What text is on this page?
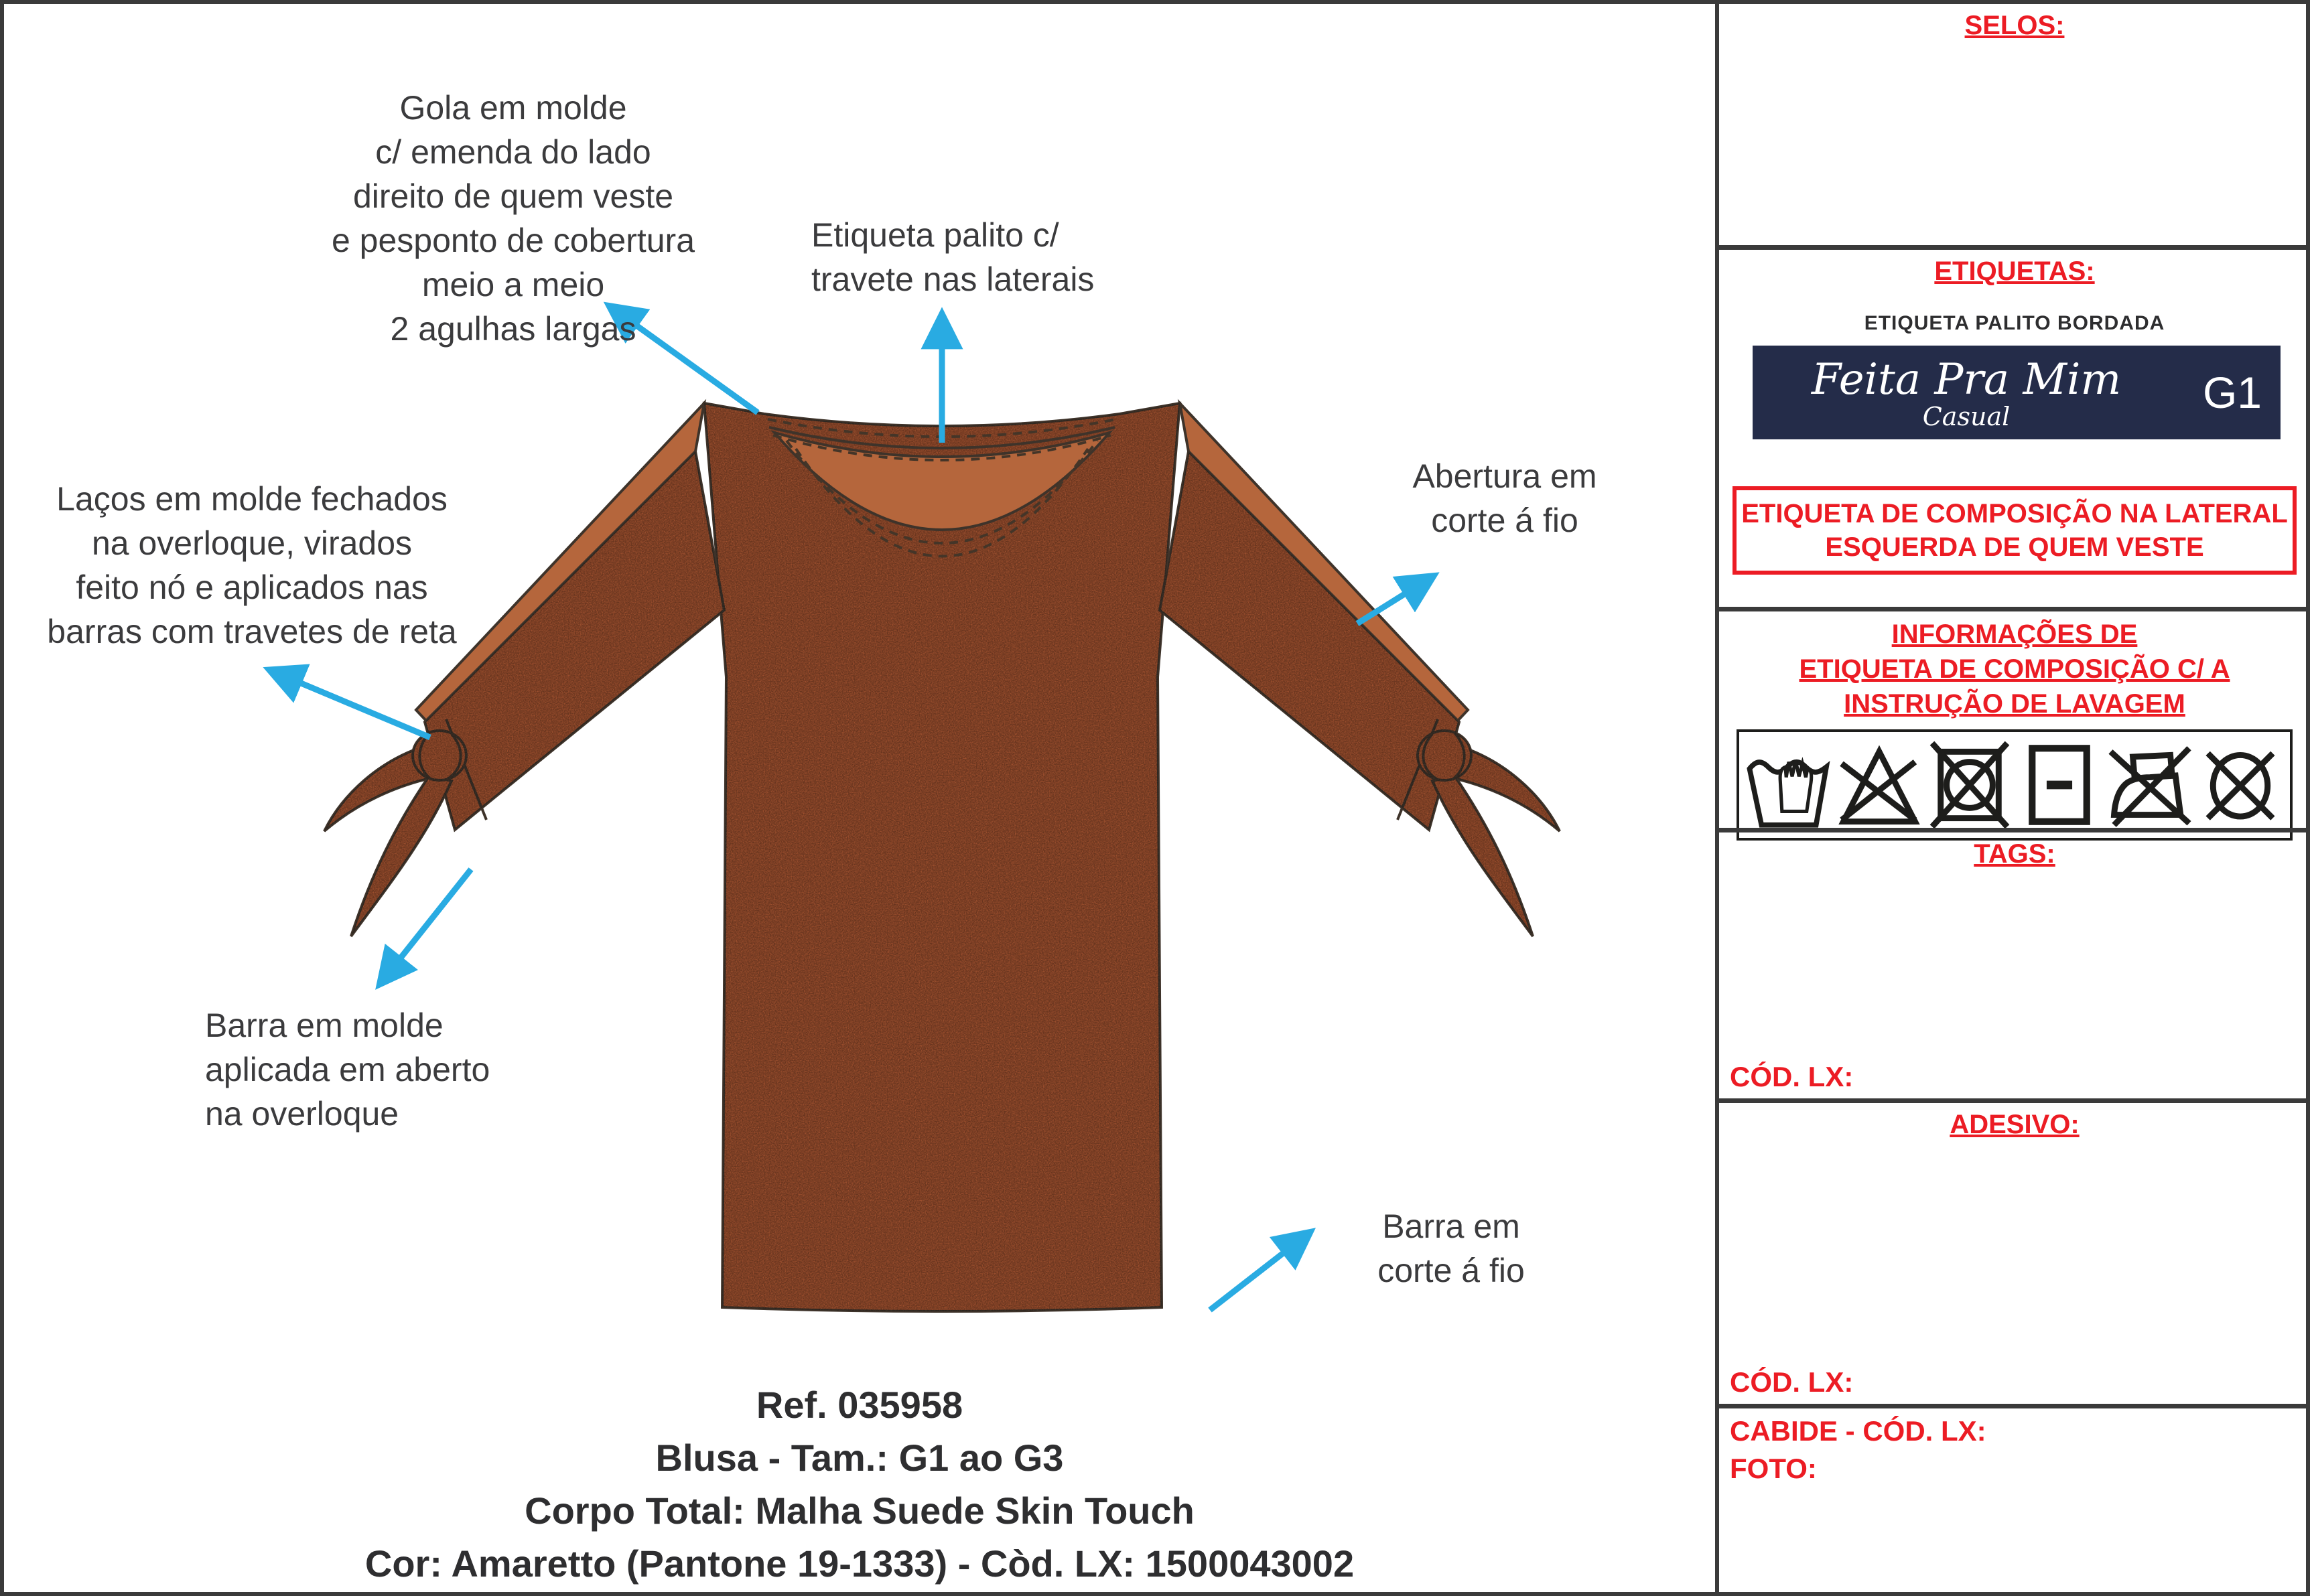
Gola em molde
c/ emenda do lado
direito de quem veste
e pesponto de cobertura
meio a meio
2 agulhas largas
Etiqueta palito c/
travete nas laterais
Laços em molde fechados
na overloque, virados
feito nó e aplicados nas
barras com travetes de reta
Abertura em
corte á fio
Barra em molde
aplicada em aberto
na overloque
Barra em
corte á fio
Ref. 035958
Blusa - Tam.: G1 ao G3
Corpo Total: Malha Suede Skin Touch
Cor: Amaretto (Pantone 19-1333) - Còd. LX: 1500043002
SELOS:
ETIQUETAS:
ETIQUETA PALITO BORDADA
Feita Pra Mim
Casual	G1
ETIQUETA DE COMPOSIÇÃO NA LATERAL
ESQUERDA DE QUEM VESTE
INFORMAÇÕES DE
ETIQUETA DE COMPOSIÇÃO C/ A
INSTRUÇÃO DE LAVAGEM
TAGS:
CÓD. LX:
ADESIVO:
CÓD. LX:
CABIDE - CÓD. LX:
FOTO:
